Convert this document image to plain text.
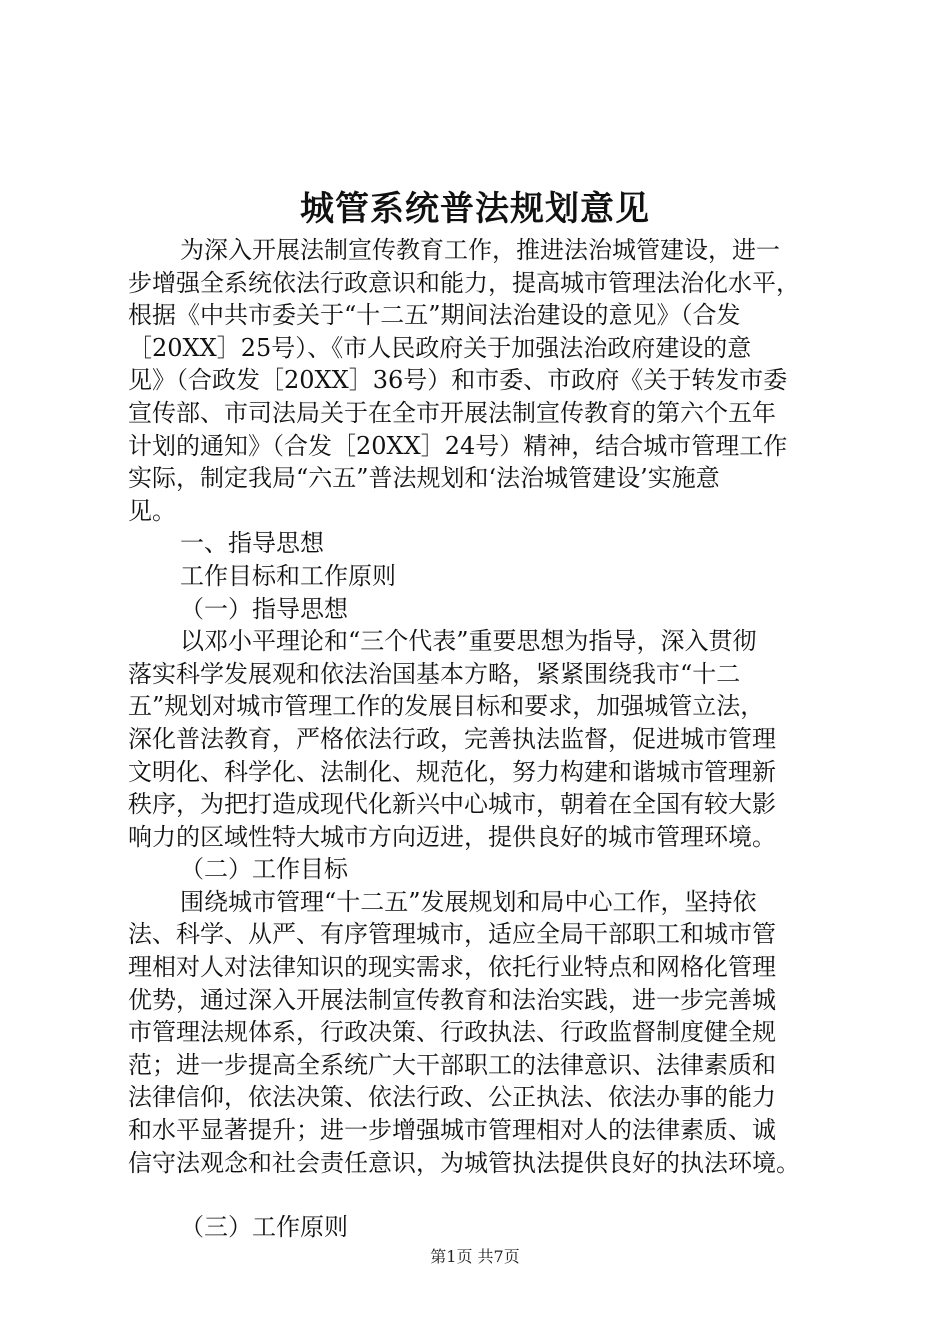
城管系统普法规划意见
为深入开展法制宣传教育工作，推进法治城管建设，进一
步增强全系统依法行政意识和能力，提高城市管理法治化水平，
根据《中共市委关于“十二五”期间法治建设的意见》（合发
［20XX］25号）、《市人民政府关于加强法治政府建设的意
见》（合政发［20XX］36号）和市委、市政府《关于转发市委
宣传部、市司法局关于在全市开展法制宣传教育的第六个五年
计划的通知》（合发［20XX］24号）精神，结合城市管理工作
实际，制定我局“六五”普法规划和‘法治城管建设’实施意
见。
一、指导思想
工作目标和工作原则
（一）指导思想
以邓小平理论和“三个代表”重要思想为指导，深入贯彻
落实科学发展观和依法治国基本方略，紧紧围绕我市“十二
五”规划对城市管理工作的发展目标和要求，加强城管立法，
深化普法教育，严格依法行政，完善执法监督，促进城市管理
文明化、科学化、法制化、规范化，努力构建和谐城市管理新
秩序，为把打造成现代化新兴中心城市，朝着在全国有较大影
响力的区域性特大城市方向迈进，提供良好的城市管理环境。
（二）工作目标
围绕城市管理“十二五”发展规划和局中心工作，坚持依
法、科学、从严、有序管理城市，适应全局干部职工和城市管
理相对人对法律知识的现实需求，依托行业特点和网格化管理
优势，通过深入开展法制宣传教育和法治实践，进一步完善城
市管理法规体系，行政决策、行政执法、行政监督制度健全规
范；进一步提高全系统广大干部职工的法律意识、法律素质和
法律信仰，依法决策、依法行政、公正执法、依法办事的能力
和水平显著提升；进一步增强城市管理相对人的法律素质、诚
信守法观念和社会责任意识，为城管执法提供良好的执法环境。
（三）工作原则
第1页 共7页
